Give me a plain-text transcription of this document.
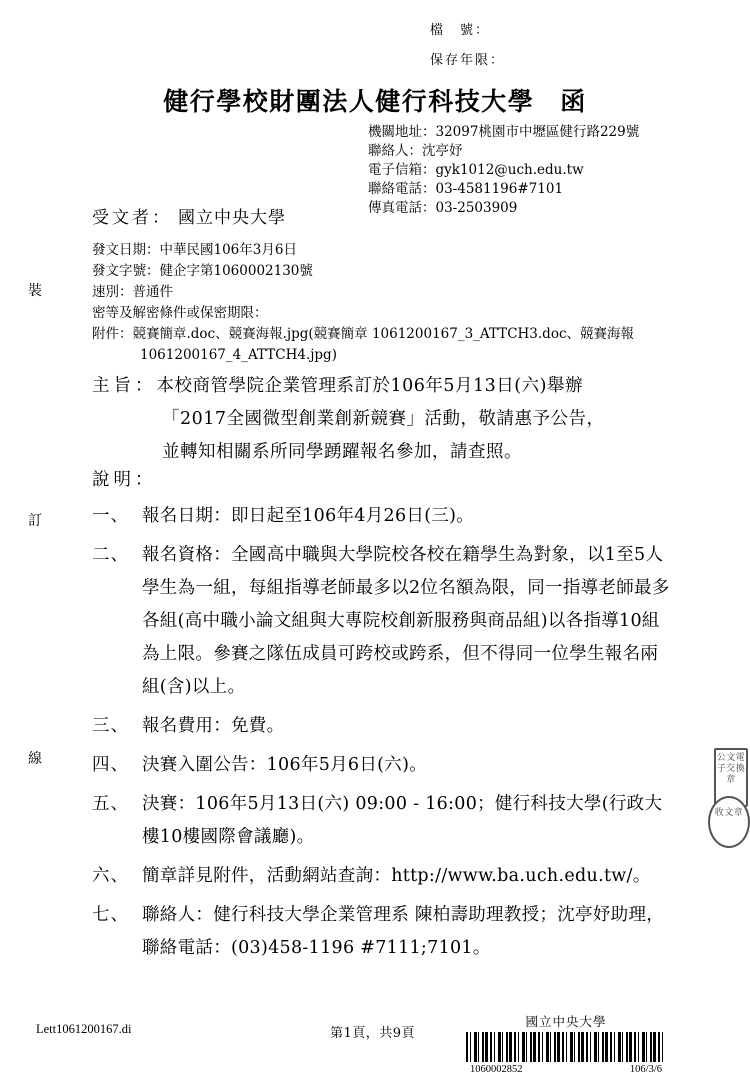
檔　號：
保存年限：
健行學校財團法人健行科技大學 函
機關地址：32097桃園市中壢區健行路229號
聯絡人：沈亭妤
電子信箱：gyk1012@uch.edu.tw
聯絡電話：03-4581196#7101
傳真電話：03-2503909
受文者： 國立中央大學
發文日期：中華民國106年3月6日
發文字號：健企字第1060002130號
速別：普通件
密等及解密條件或保密期限：
附件：競賽簡章.doc、競賽海報.jpg(競賽簡章 1061200167_3_ATTCH3.doc、競賽海報
1061200167_4_ATTCH4.jpg)
主旨： 本校商管學院企業管理系訂於106年5月13日(六)舉辦
「2017全國微型創業創新競賽」活動，敬請惠予公告，
並轉知相關系所同學踴躍報名參加，請查照。
說明：
一、 報名日期：即日起至106年4月26日(三)。
二、 報名資格：全國高中職與大學院校各校在籍學生為對象，以1至5人學生為一組，每組指導老師最多以2位名額為限，同一指導老師最多各組(高中職小論文組與大專院校創新服務與商品組)以各指導10組為上限。參賽之隊伍成員可跨校或跨系，但不得同一位學生報名兩組(含)以上。
三、 報名費用：免費。
四、 決賽入圍公告：106年5月6日(六)。
五、 決賽：106年5月13日(六) 09:00 - 16:00；健行科技大學(行政大樓10樓國際會議廳)。
六、 簡章詳見附件，活動網站查詢：http://www.ba.uch.edu.tw/。
七、 聯絡人：健行科技大學企業管理系 陳柏壽助理教授；沈亭妤助理，聯絡電話：(03)458-1196 #7111;7101。
裝
訂
線	公文電子交換章
收文章
Lett1061200167.di	第1頁，共9頁
國立中央大學
1060002852	106/3/6
